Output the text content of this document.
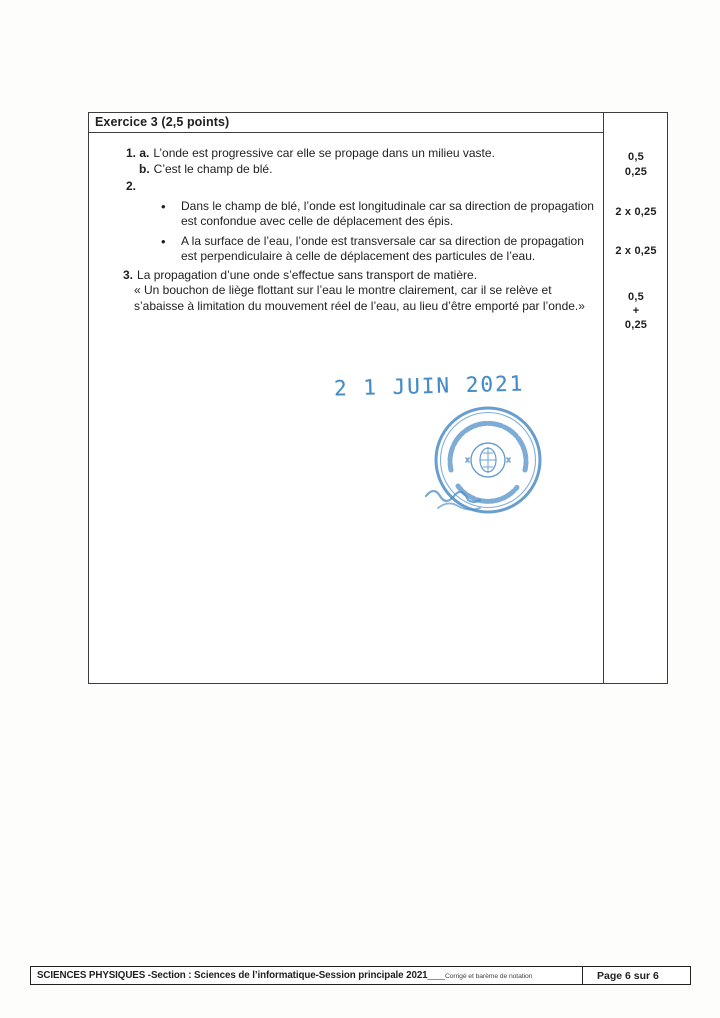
Exercice 3 (2,5 points)
1. a. L’onde est progressive car elle se propage dans un milieu vaste.
b. C’est le champ de blé.
2.
• Dans le champ de blé, l’onde est longitudinale car sa direction de propagation est confondue avec celle de déplacement des épis.
• A la surface de l’eau, l’onde est transversale car sa direction de propagation est perpendiculaire à celle de déplacement des particules de l’eau.
3. La propagation d’une onde s’effectue sans transport de matière.
« Un bouchon de liège flottant sur l’eau le montre clairement, car il se relève et s’abaisse à limitation du mouvement réel de l’eau, au lieu d’être emporté par l’onde.»
0,5
0,25
2 x 0,25
2 x 0,25
0,5
+
0,25
2 1 JUIN 2021
SCIENCES PHYSIQUES -Section : Sciences de l’informatique-Session principale 2021____Corrigé et barème de notation	Page 6 sur 6
